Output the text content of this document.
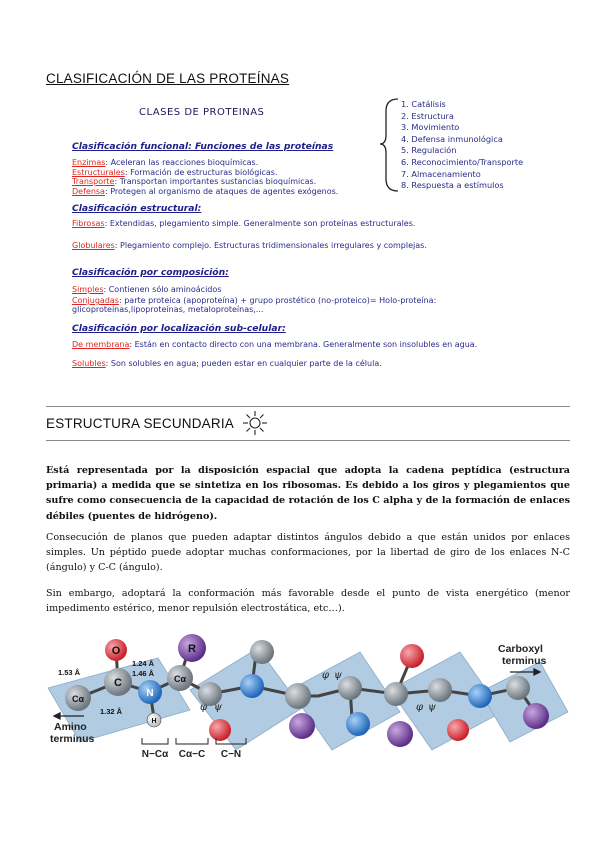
CLASIFICACIÓN DE LAS PROTEÍNAS
CLASES DE PROTEINAS
1. Catálisis
2. Estructura
3. Movimiento
4. Defensa inmunológica
5. Regulación
6. Reconocimiento/Transporte
7. Almacenamiento
8. Respuesta a estímulos
Clasificación funcional: Funciones de las proteínas
Enzimas: Aceleran las reacciones bioquímicas.
Estructurales: Formación de estructuras biológicas.
Transporte: Transportan importantes sustancias bioquímicas.
Defensa: Protegen al organismo de ataques de agentes exógenos.
Clasificación estructural:
Fibrosas: Extendidas, plegamiento simple. Generalmente son proteínas estructurales.
Globulares: Plegamiento complejo. Estructuras tridimensionales irregulares y complejas.
Clasificación por composición:
Simples: Contienen sólo aminoácidos
Conjugadas: parte proteica (apoproteína) + grupo prostético (no-proteico)= Holo-proteína: glicoproteínas,lipoproteínas, metaloproteínas,...
Clasificación por localización sub-celular:
De membrana: Están en contacto directo con una membrana. Generalmente son insolubles en agua.
Solubles: Son solubles en agua; pueden estar en cualquier parte de la célula.
ESTRUCTURA SECUNDARIA
Está representada por la disposición espacial que adopta la cadena peptídica (estructura primaria) a medida que se sintetiza en los ribosomas. Es debido a los giros y plegamientos que sufre como consecuencia de la capacidad de rotación de los C alpha y de la formación de enlaces débiles (puentes de hidrógeno).
Consecución de planos que pueden adaptar distintos ángulos debido a que están unidos por enlaces simples. Un péptido puede adoptar muchas conformaciones, por la libertad de giro de los enlaces N-C (ángulo) y C-C (ángulo).
Sin embargo, adoptará la conformación más favorable desde el punto de vista energético (menor impedimento estérico, menor repulsión electrostática, etc…).
O	R
C
N
H
Cα
Cα
1.53 Å
1.24 Å
1.46 Å
1.32 Å	φ ψ
φ ψ
φ ψ
Carboxyl
terminus
Amino
terminus
N−Cα Cα−C C−N
